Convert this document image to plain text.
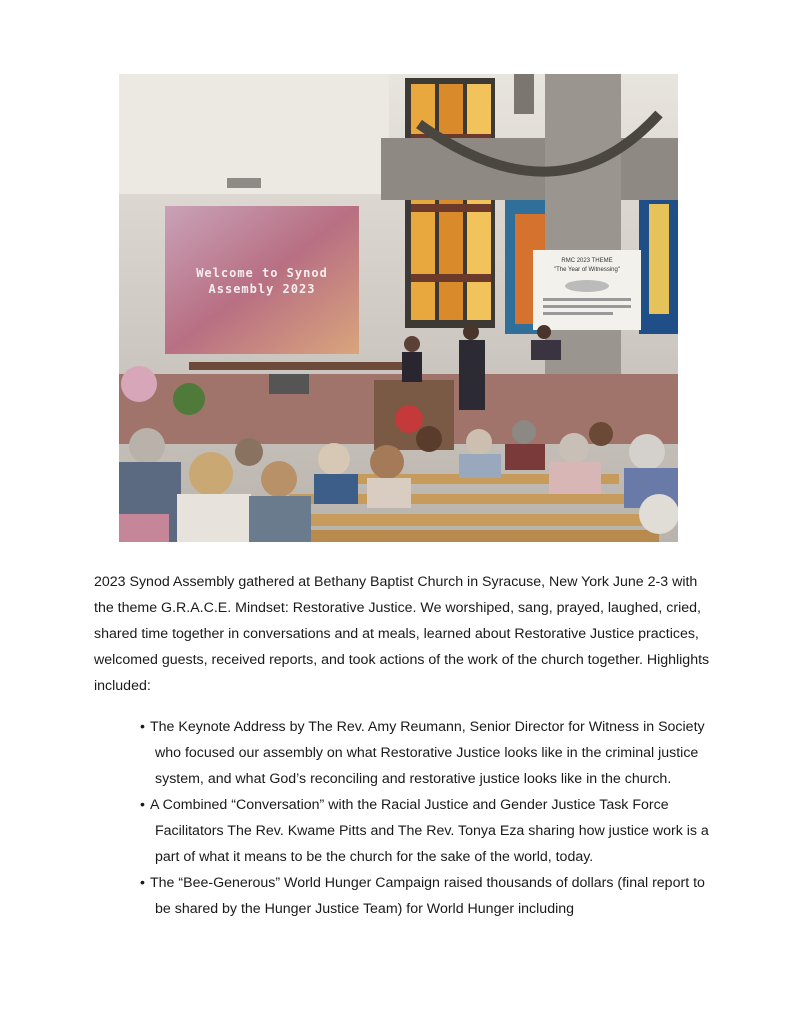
Welcome to Synod
Assembly 2023
RMC 2023 THEME
"The Year of Witnessing"

2023 Synod Assembly gathered at Bethany Baptist Church in Syracuse, New York June 2-3 with the theme G.R.A.C.E. Mindset: Restorative Justice. We worshiped, sang, prayed, laughed, cried, shared time together in conversations and at meals, learned about Restorative Justice practices, welcomed guests, received reports, and took actions of the work of the church together. Highlights included:

• The Keynote Address by The Rev. Amy Reumann, Senior Director for Witness in Society who focused our assembly on what Restorative Justice looks like in the criminal justice system, and what God’s reconciling and restorative justice looks like in the church.
• A Combined “Conversation” with the Racial Justice and Gender Justice Task Force Facilitators The Rev. Kwame Pitts and The Rev. Tonya Eza sharing how justice work is a part of what it means to be the church for the sake of the world, today.
• The “Bee-Generous” World Hunger Campaign raised thousands of dollars (final report to be shared by the Hunger Justice Team) for World Hunger including
